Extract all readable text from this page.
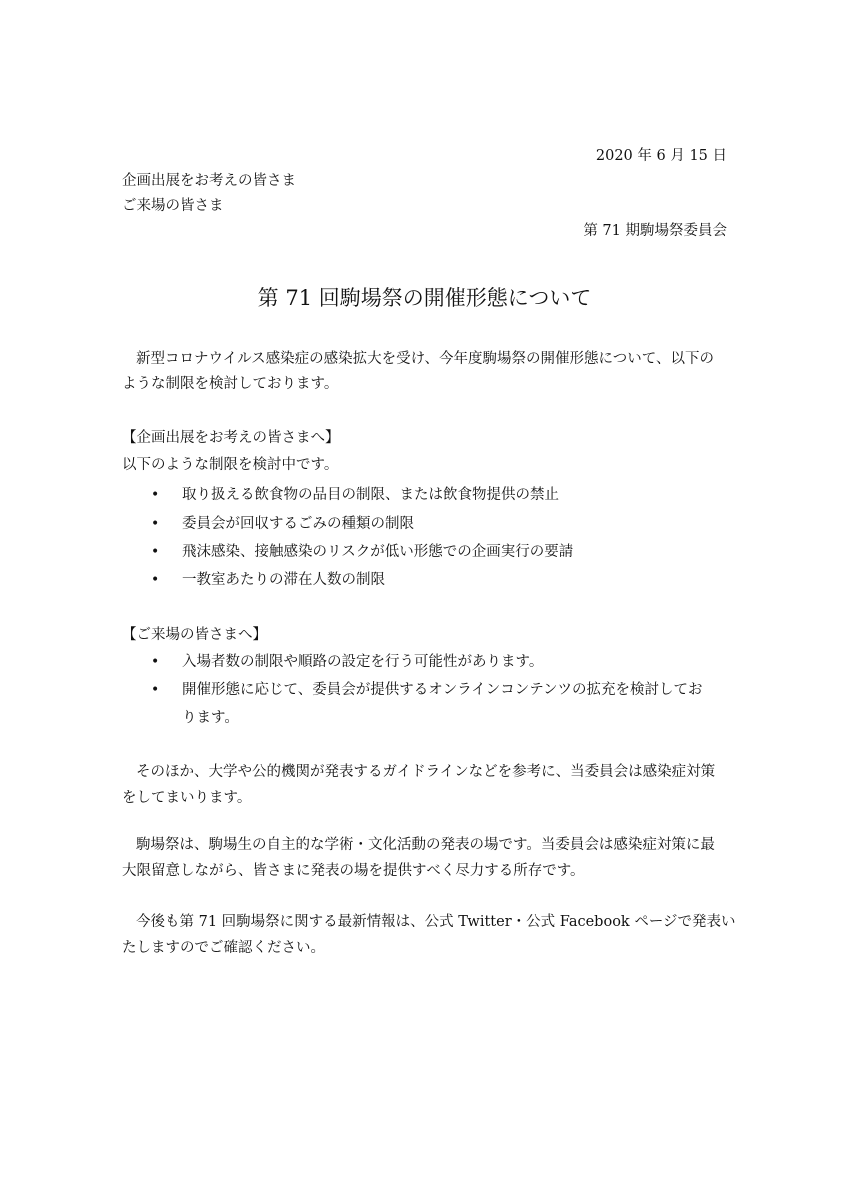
2020 年 6 月 15 日
企画出展をお考えの皆さま
ご来場の皆さま
第 71 期駒場祭委員会
第 71 回駒場祭の開催形態について
新型コロナウイルス感染症の感染拡大を受け、今年度駒場祭の開催形態について、以下の
ような制限を検討しております。
【企画出展をお考えの皆さまへ】
以下のような制限を検討中です。
• 取り扱える飲食物の品目の制限、または飲食物提供の禁止
• 委員会が回収するごみの種類の制限
• 飛沫感染、接触感染のリスクが低い形態での企画実行の要請
• 一教室あたりの滞在人数の制限
【ご来場の皆さまへ】
• 入場者数の制限や順路の設定を行う可能性があります。
• 開催形態に応じて、委員会が提供するオンラインコンテンツの拡充を検討してお
ります。
そのほか、大学や公的機関が発表するガイドラインなどを参考に、当委員会は感染症対策
をしてまいります。
駒場祭は、駒場生の自主的な学術・文化活動の発表の場です。当委員会は感染症対策に最
大限留意しながら、皆さまに発表の場を提供すべく尽力する所存です。
今後も第 71 回駒場祭に関する最新情報は、公式 Twitter・公式 Facebook ページで発表い
たしますのでご確認ください。
